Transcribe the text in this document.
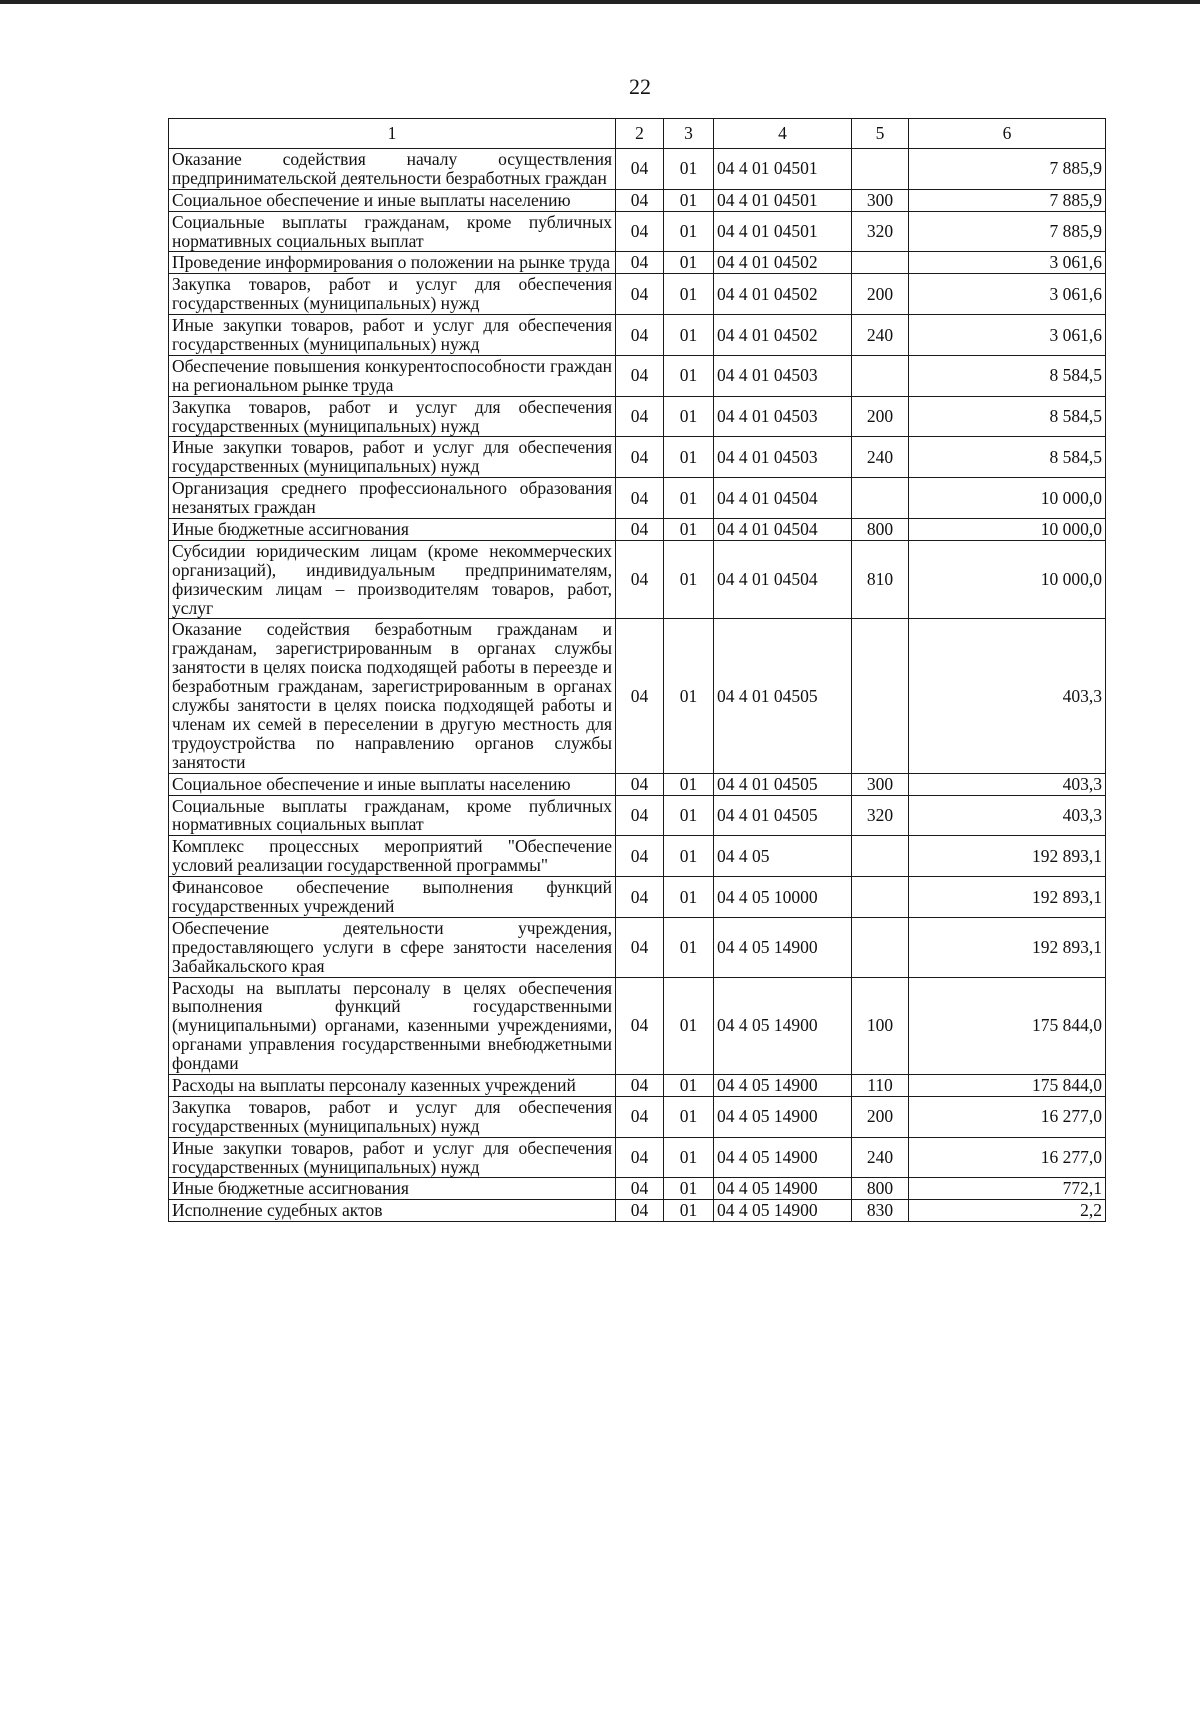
22
1	2	3	4	5	6
Оказание содействия началу осуществления предпринимательской деятельности безработных граждан	04	01	04 4 01 04501		7 885,9
Социальное обеспечение и иные выплаты населению	04	01	04 4 01 04501	300	7 885,9
Социальные выплаты гражданам, кроме публичных нормативных социальных выплат	04	01	04 4 01 04501	320	7 885,9
Проведение информирования о положении на рынке труда	04	01	04 4 01 04502		3 061,6
Закупка товаров, работ и услуг для обеспечения государственных (муниципальных) нужд	04	01	04 4 01 04502	200	3 061,6
Иные закупки товаров, работ и услуг для обеспечения государственных (муниципальных) нужд	04	01	04 4 01 04502	240	3 061,6
Обеспечение повышения конкурентоспособности граждан на региональном рынке труда	04	01	04 4 01 04503		8 584,5
Закупка товаров, работ и услуг для обеспечения государственных (муниципальных) нужд	04	01	04 4 01 04503	200	8 584,5
Иные закупки товаров, работ и услуг для обеспечения государственных (муниципальных) нужд	04	01	04 4 01 04503	240	8 584,5
Организация среднего профессионального образования незанятых граждан	04	01	04 4 01 04504		10 000,0
Иные бюджетные ассигнования	04	01	04 4 01 04504	800	10 000,0
Субсидии юридическим лицам (кроме некоммерческих организаций), индивидуальным предпринимателям, физическим лицам – производителям товаров, работ, услуг	04	01	04 4 01 04504	810	10 000,0
Оказание содействия безработным гражданам и гражданам, зарегистрированным в органах службы занятости в целях поиска подходящей работы в переезде и безработным гражданам, зарегистрированным в органах службы занятости в целях поиска подходящей работы и членам их семей в переселении в другую местность для трудоустройства по направлению органов службы занятости	04	01	04 4 01 04505		403,3
Социальное обеспечение и иные выплаты населению	04	01	04 4 01 04505	300	403,3
Социальные выплаты гражданам, кроме публичных нормативных социальных выплат	04	01	04 4 01 04505	320	403,3
Комплекс процессных мероприятий "Обеспечение условий реализации государственной программы"	04	01	04 4 05		192 893,1
Финансовое обеспечение выполнения функций государственных учреждений	04	01	04 4 05 10000		192 893,1
Обеспечение деятельности учреждения, предоставляющего услуги в сфере занятости населения Забайкальского края	04	01	04 4 05 14900		192 893,1
Расходы на выплаты персоналу в целях обеспечения выполнения функций государственными (муниципальными) органами, казенными учреждениями, органами управления государственными внебюджетными фондами	04	01	04 4 05 14900	100	175 844,0
Расходы на выплаты персоналу казенных учреждений	04	01	04 4 05 14900	110	175 844,0
Закупка товаров, работ и услуг для обеспечения государственных (муниципальных) нужд	04	01	04 4 05 14900	200	16 277,0
Иные закупки товаров, работ и услуг для обеспечения государственных (муниципальных) нужд	04	01	04 4 05 14900	240	16 277,0
Иные бюджетные ассигнования	04	01	04 4 05 14900	800	772,1
Исполнение судебных актов	04	01	04 4 05 14900	830	2,2
